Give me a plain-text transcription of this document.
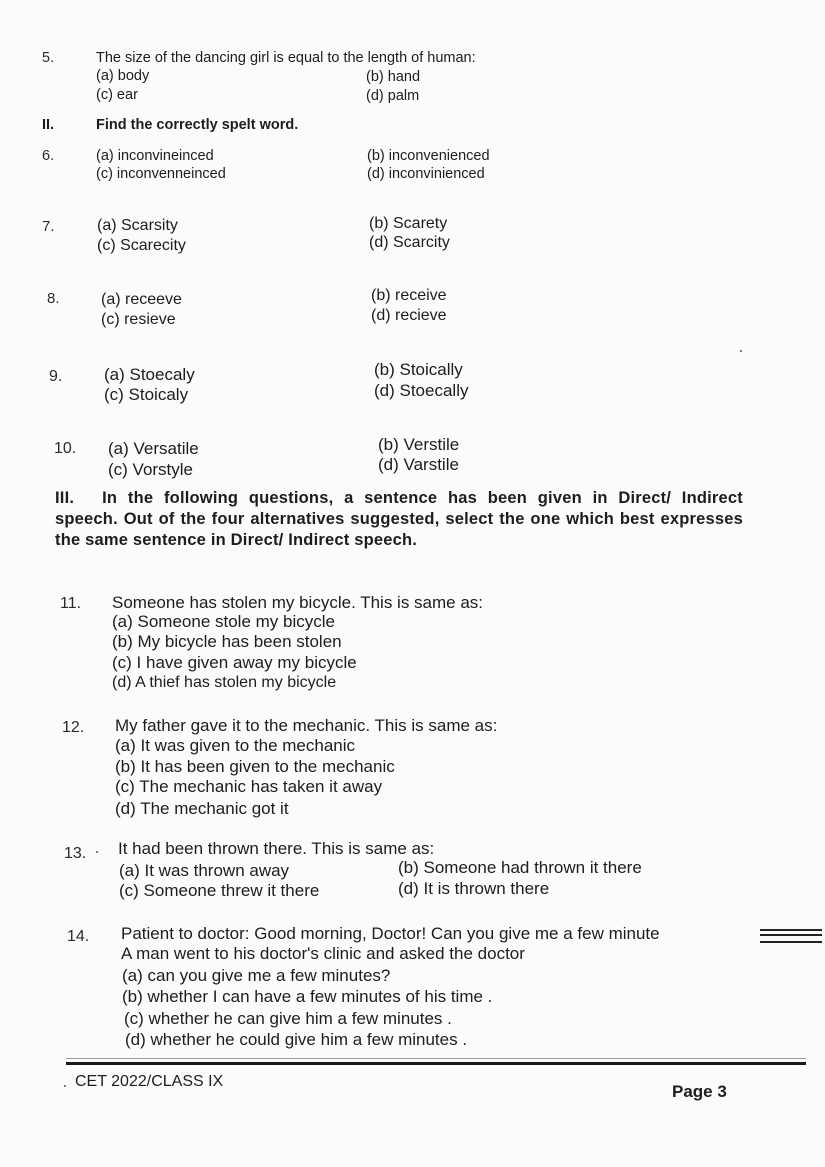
5.	The size of the dancing girl is equal to the length of human:
(a) body	(b) hand
(c) ear	(d) palm
II.	Find the correctly spelt word.
6.	(a) inconvineinced	(b) inconvenienced
(c) inconvenneinced	(d) inconvinienced
7.	(a) Scarsity	(b) Scarety
(c) Scarecity	(d) Scarcity
8.	(a) receeve	(b) receive
(c) resieve	(d) recieve
9. (a) Stoecaly	(b) Stoically
(c) Stoicaly	(d) Stoecally
10. (a) Versatile	(b) Verstile
(c) Vorstyle	(d) Varstile
III. In the following questions, a sentence has been given in Direct/ Indirect speech. Out of the four alternatives suggested, select the one which best expresses the same sentence in Direct/ Indirect speech.
11. Someone has stolen my bicycle. This is same as:
(a) Someone stole my bicycle
(b) My bicycle has been stolen
(c) I have given away my bicycle
(d) A thief has stolen my bicycle
12. My father gave it to the mechanic. This is same as:
(a) It was given to the mechanic
(b) It has been given to the mechanic
(c) The mechanic has taken it away
(d) The mechanic got it
13. It had been thrown there. This is same as:
(a) It was thrown away	(b) Someone had thrown it there
(c) Someone threw it there	(d) It is thrown there
14. Patient to doctor: Good morning, Doctor! Can you give me a few minute
A man went to his doctor's clinic and asked the doctor
(a) can you give me a few minutes?
(b) whether I can have a few minutes of his time .
(c) whether he can give him a few minutes .
(d) whether he could give him a few minutes .
CET 2022/CLASS IX
Page 3
